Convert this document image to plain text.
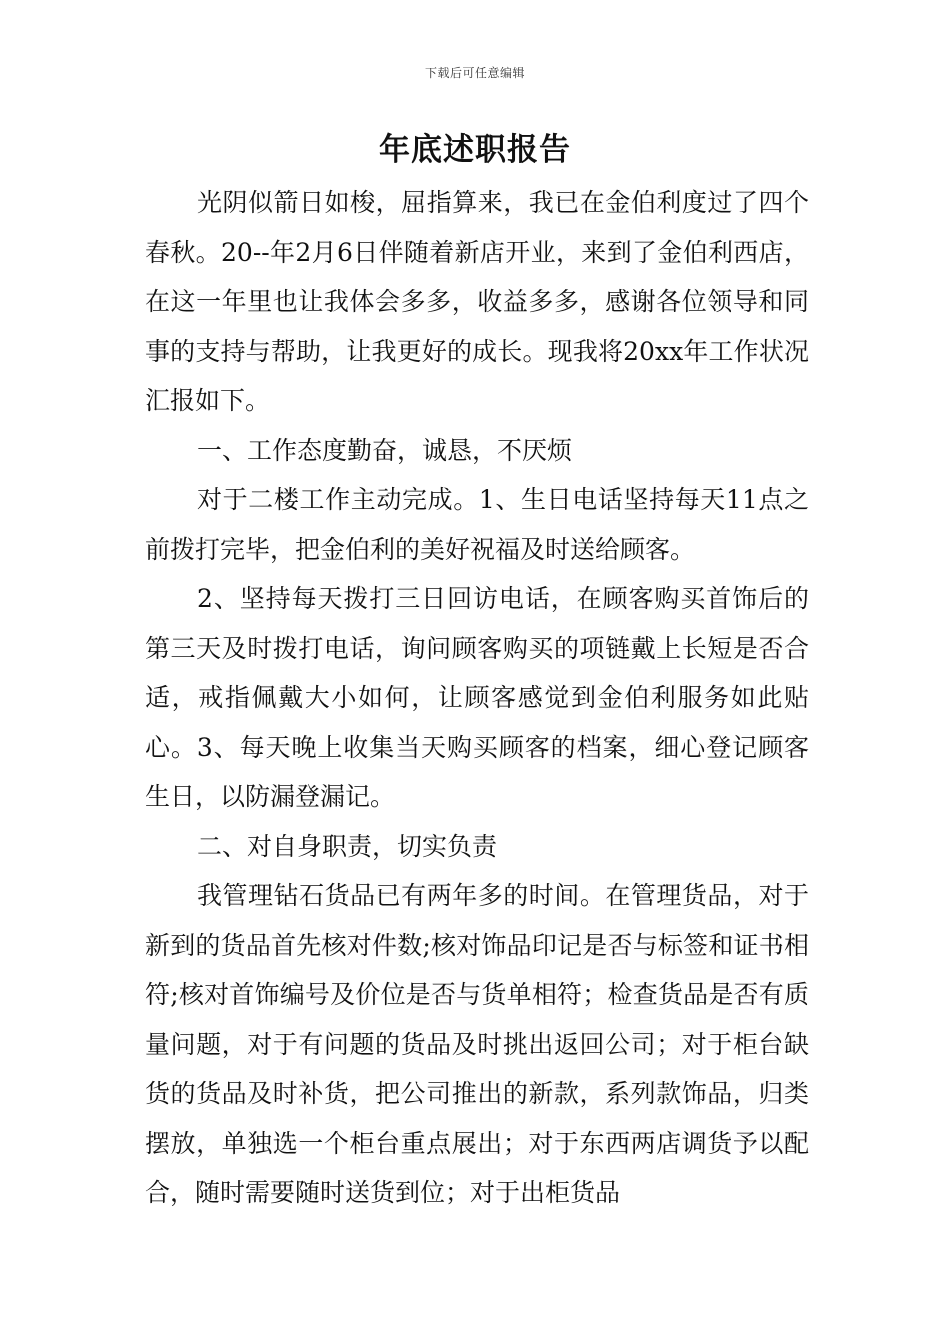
下载后可任意编辑
年底述职报告

光阴似箭日如梭，屈指算来，我已在金伯利度过了四个春秋。20--年2月6日伴随着新店开业，来到了金伯利西店，在这一年里也让我体会多多，收益多多，感谢各位领导和同事的支持与帮助，让我更好的成长。现我将20xx年工作状况汇报如下。

一、工作态度勤奋，诚恳，不厌烦

对于二楼工作主动完成。1、生日电话坚持每天11点之前拨打完毕，把金伯利的美好祝福及时送给顾客。

2、坚持每天拨打三日回访电话，在顾客购买首饰后的第三天及时拨打电话，询问顾客购买的项链戴上长短是否合适，戒指佩戴大小如何，让顾客感觉到金伯利服务如此贴心。3、每天晚上收集当天购买顾客的档案，细心登记顾客生日，以防漏登漏记。

二、对自身职责，切实负责

我管理钻石货品已有两年多的时间。在管理货品，对于新到的货品首先核对件数;核对饰品印记是否与标签和证书相符;核对首饰编号及价位是否与货单相符；检查货品是否有质量问题，对于有问题的货品及时挑出返回公司；对于柜台缺货的货品及时补货，把公司推出的新款，系列款饰品，归类摆放，单独选一个柜台重点展出；对于东西两店调货予以配合，随时需要随时送货到位；对于出柜货品
